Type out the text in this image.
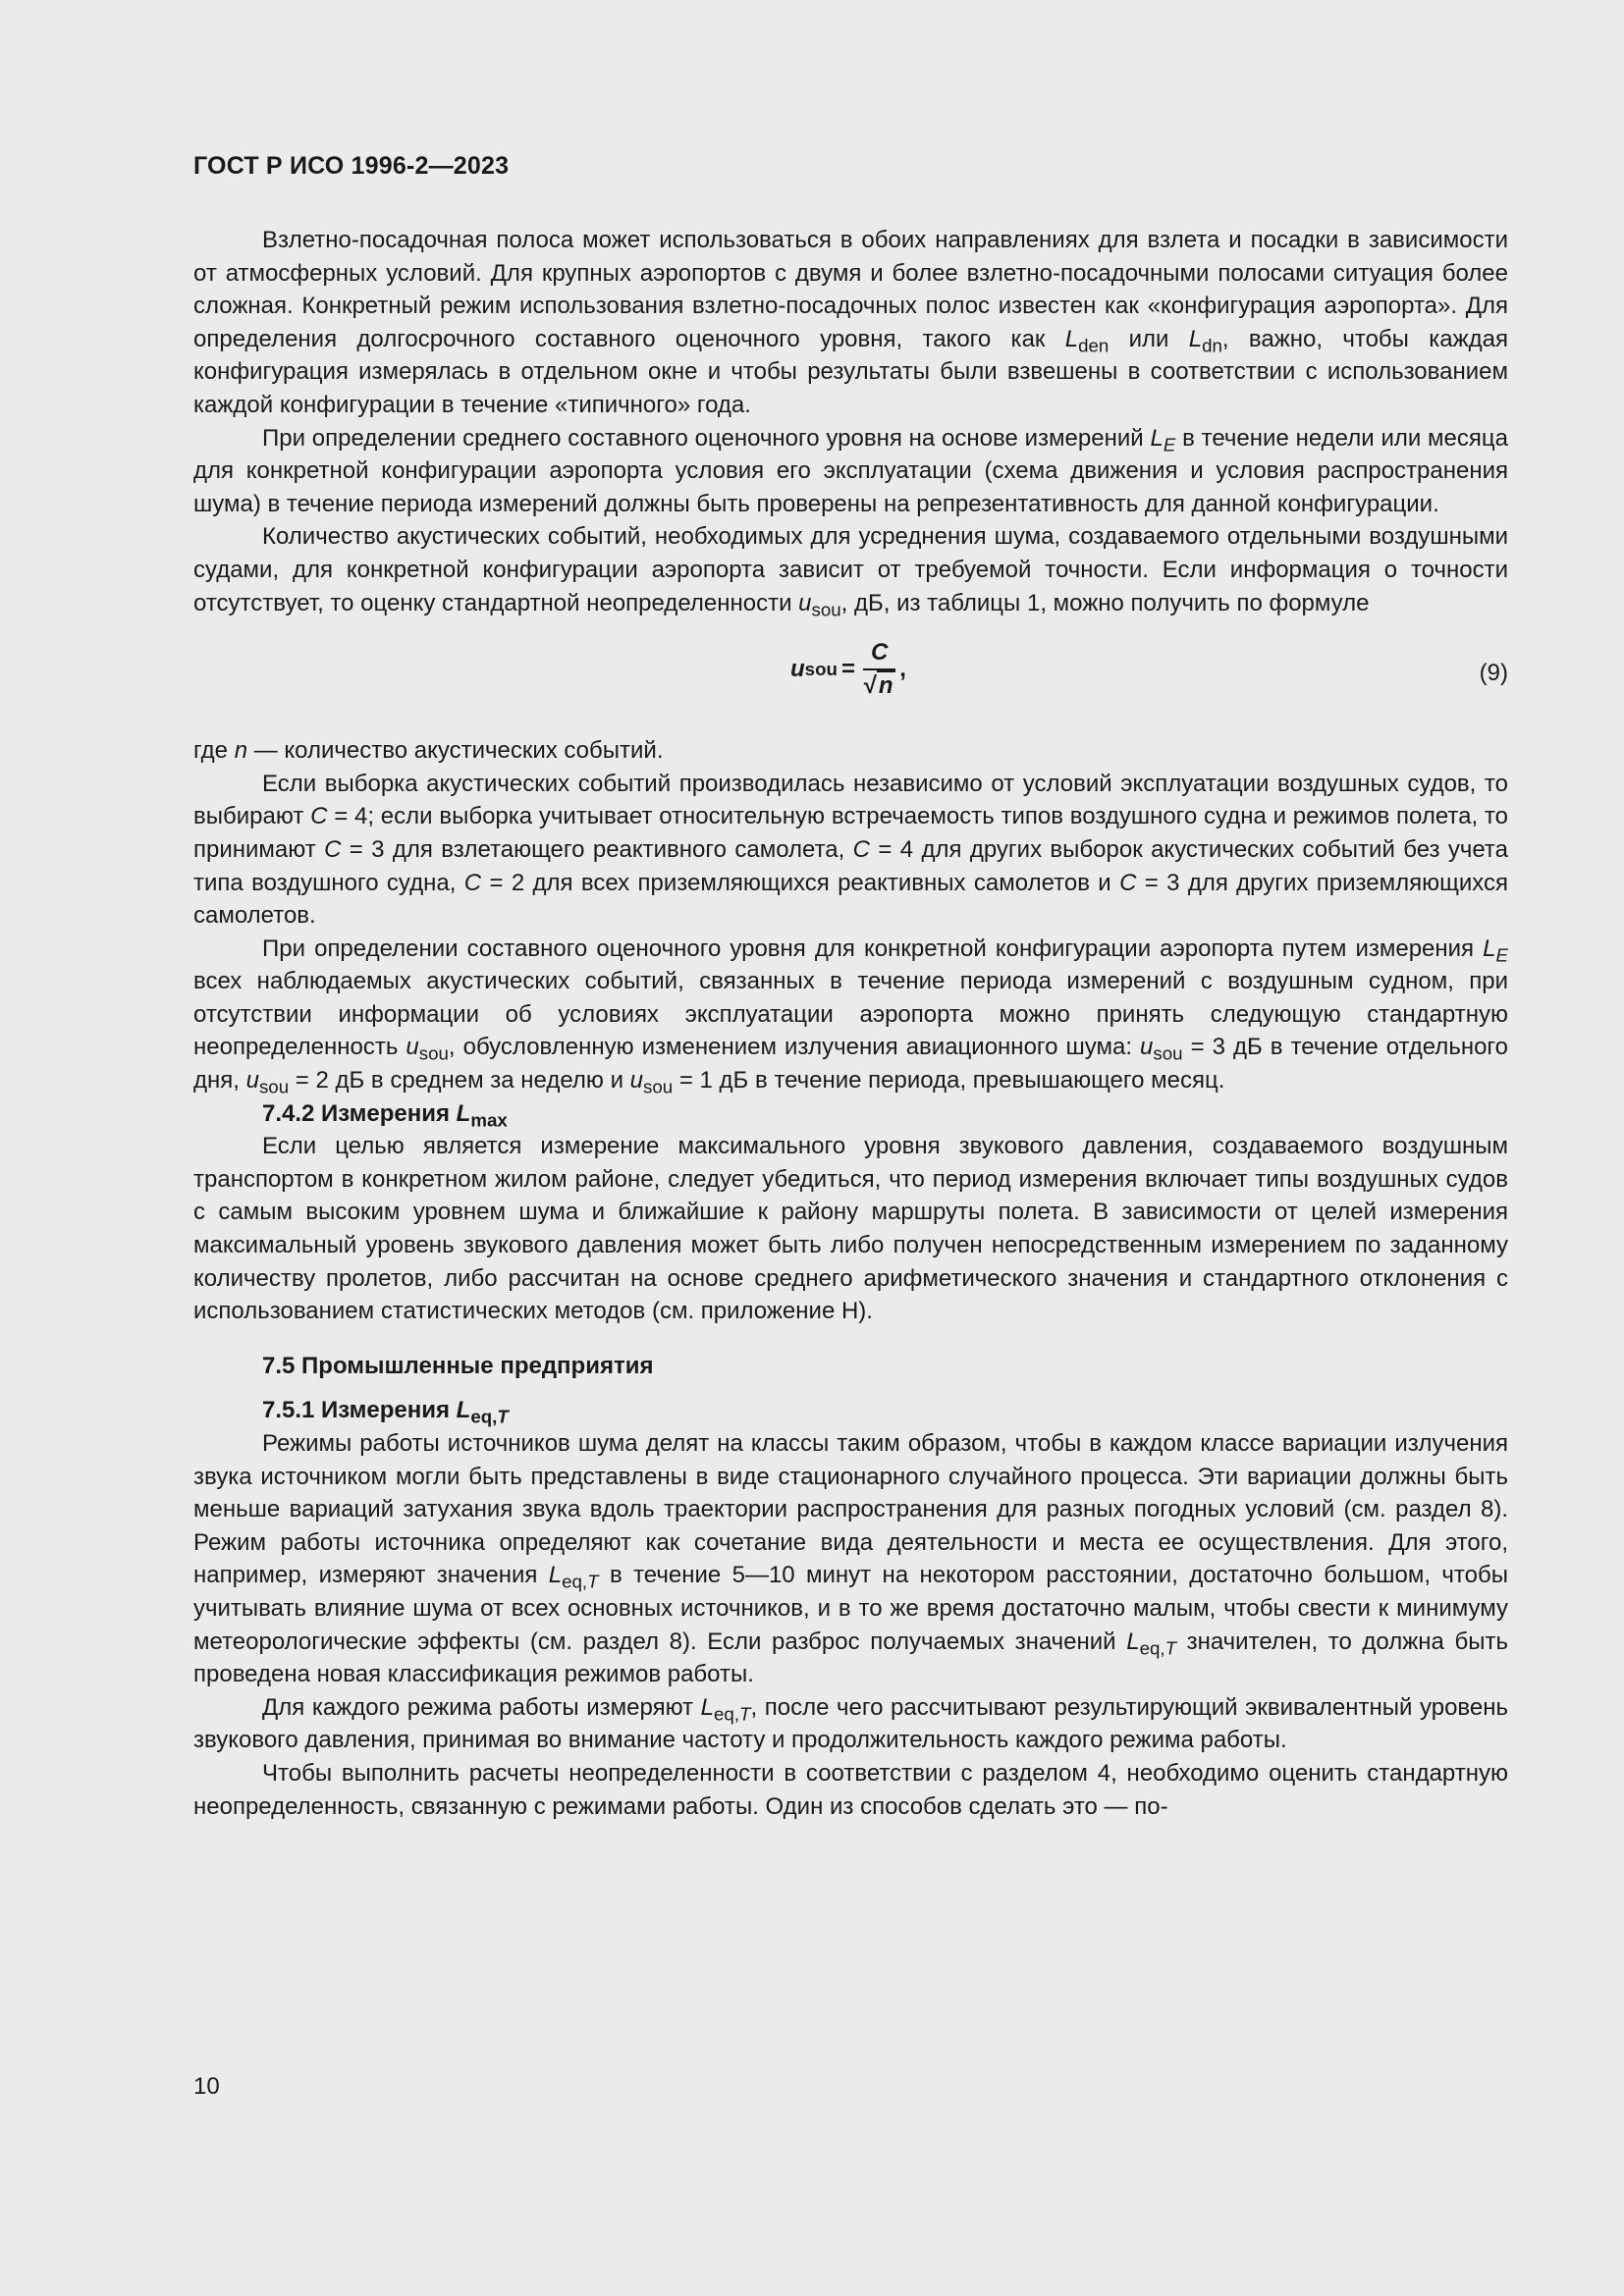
ГОСТ Р ИСО 1996-2—2023

Взлетно-посадочная полоса может использоваться в обоих направлениях для взлета и посадки в зависимости от атмосферных условий. Для крупных аэропортов с двумя и более взлетно-посадочными полосами ситуация более сложная. Конкретный режим использования взлетно-посадочных полос известен как «конфигурация аэропорта». Для определения долгосрочного составного оценочного уровня, такого как $L_{den}$ или $L_{dn}$, важно, чтобы каждая конфигурация измерялась в отдельном окне и чтобы результаты были взвешены в соответствии с использованием каждой конфигурации в течение «типичного» года.

При определении среднего составного оценочного уровня на основе измерений $L_E$ в течение недели или месяца для конкретной конфигурации аэропорта условия его эксплуатации (схема движения и условия распространения шума) в течение периода измерений должны быть проверены на репрезентативность для данной конфигурации.

Количество акустических событий, необходимых для усреднения шума, создаваемого отдельными воздушными судами, для конкретной конфигурации аэропорта зависит от требуемой точности. Если информация о точности отсутствует, то оценку стандартной неопределенности $u_{sou}$, дБ, из таблицы 1, можно получить по формуле

u sou = $\frac{C}{√n}$ ,	(9)

где n — количество акустических событий.

Если выборка акустических событий производилась независимо от условий эксплуатации воздушных судов, то выбирают C = 4; если выборка учитывает относительную встречаемость типов воздушного судна и режимов полета, то принимают C = 3 для взлетающего реактивного самолета, C = 4 для других выборок акустических событий без учета типа воздушного судна, C = 2 для всех приземляющихся реактивных самолетов и C = 3 для других приземляющихся самолетов.

При определении составного оценочного уровня для конкретной конфигурации аэропорта путем измерения $L_E$ всех наблюдаемых акустических событий, связанных в течение периода измерений с воздушным судном, при отсутствии информации об условиях эксплуатации аэропорта можно принять следующую стандартную неопределенность $u_{sou}$, обусловленную изменением излучения авиационного шума: $u_{sou} = 3$ дБ в течение отдельного дня, $u_{sou} = 2$ дБ в среднем за неделю и $u_{sou} = 1$ дБ в течение периода, превышающего месяц.

7.4.2 Измерения $L_{max}$

Если целью является измерение максимального уровня звукового давления, создаваемого воздушным транспортом в конкретном жилом районе, следует убедиться, что период измерения включает типы воздушных судов с самым высоким уровнем шума и ближайшие к району маршруты полета. В зависимости от целей измерения максимальный уровень звукового давления может быть либо получен непосредственным измерением по заданному количеству пролетов, либо рассчитан на основе среднего арифметического значения и стандартного отклонения с использованием статистических методов (см. приложение Н).

7.5 Промышленные предприятия
7.5.1 Измерения $L_{eq,T}$

Режимы работы источников шума делят на классы таким образом, чтобы в каждом классе вариации излучения звука источником могли быть представлены в виде стационарного случайного процесса. Эти вариации должны быть меньше вариаций затухания звука вдоль траектории распространения для разных погодных условий (см. раздел 8). Режим работы источника определяют как сочетание вида деятельности и места ее осуществления. Для этого, например, измеряют значения $L_{eq,T}$ в течение 5—10 минут на некотором расстоянии, достаточно большом, чтобы учитывать влияние шума от всех основных источников, и в то же время достаточно малым, чтобы свести к минимуму метеорологические эффекты (см. раздел 8). Если разброс получаемых значений $L_{eq,T}$ значителен, то должна быть проведена новая классификация режимов работы.

Для каждого режима работы измеряют $L_{eq,T}$, после чего рассчитывают результирующий эквивалентный уровень звукового давления, принимая во внимание частоту и продолжительность каждого режима работы.

Чтобы выполнить расчеты неопределенности в соответствии с разделом 4, необходимо оценить стандартную неопределенность, связанную с режимами работы. Один из способов сделать это — по-

10
